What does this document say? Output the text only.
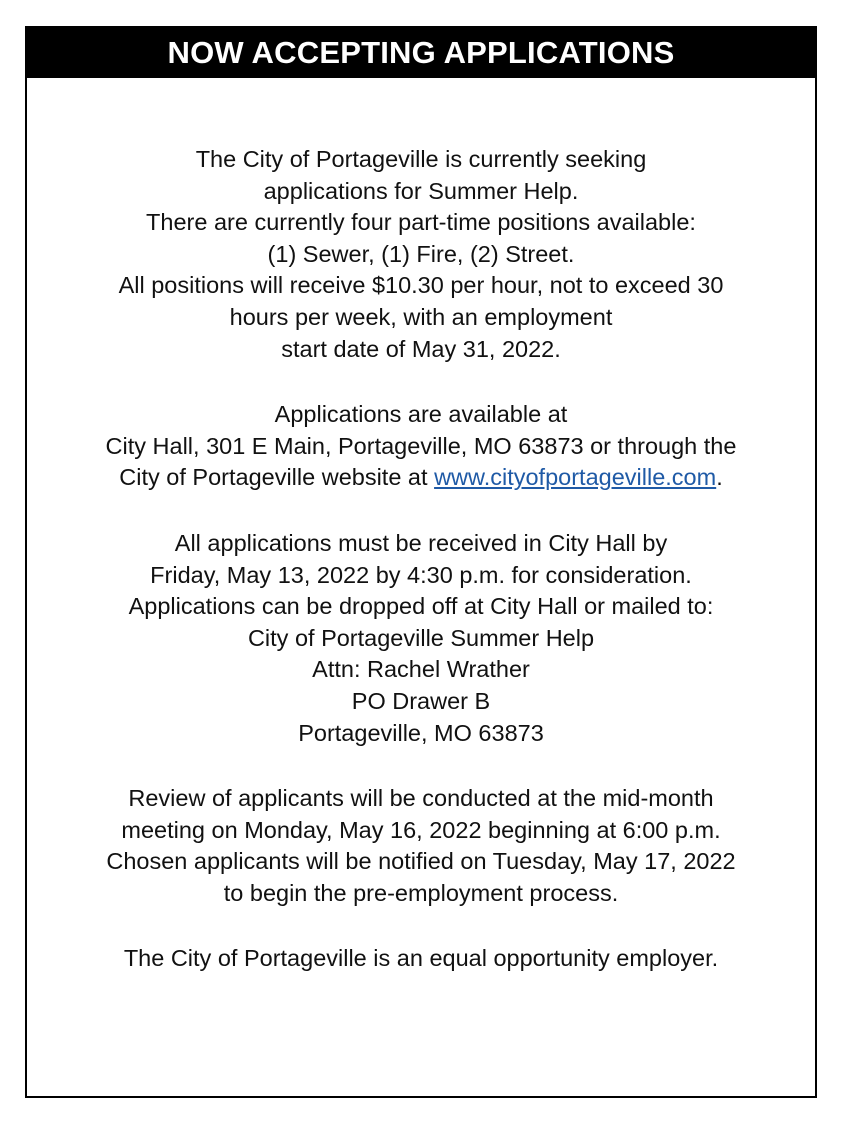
NOW ACCEPTING APPLICATIONS

The City of Portageville is currently seeking
applications for Summer Help.
There are currently four part-time positions available:
(1) Sewer, (1) Fire, (2) Street.
All positions will receive $10.30 per hour, not to exceed 30
hours per week, with an employment
start date of May 31, 2022.

Applications are available at
City Hall, 301 E Main, Portageville, MO 63873 or through the
City of Portageville website at www.cityofportageville.com.

All applications must be received in City Hall by
Friday, May 13, 2022 by 4:30 p.m. for consideration.
Applications can be dropped off at City Hall or mailed to:
City of Portageville Summer Help
Attn: Rachel Wrather
PO Drawer B
Portageville, MO 63873

Review of applicants will be conducted at the mid-month
meeting on Monday, May 16, 2022 beginning at 6:00 p.m.
Chosen applicants will be notified on Tuesday, May 17, 2022
to begin the pre-employment process.

The City of Portageville is an equal opportunity employer.
